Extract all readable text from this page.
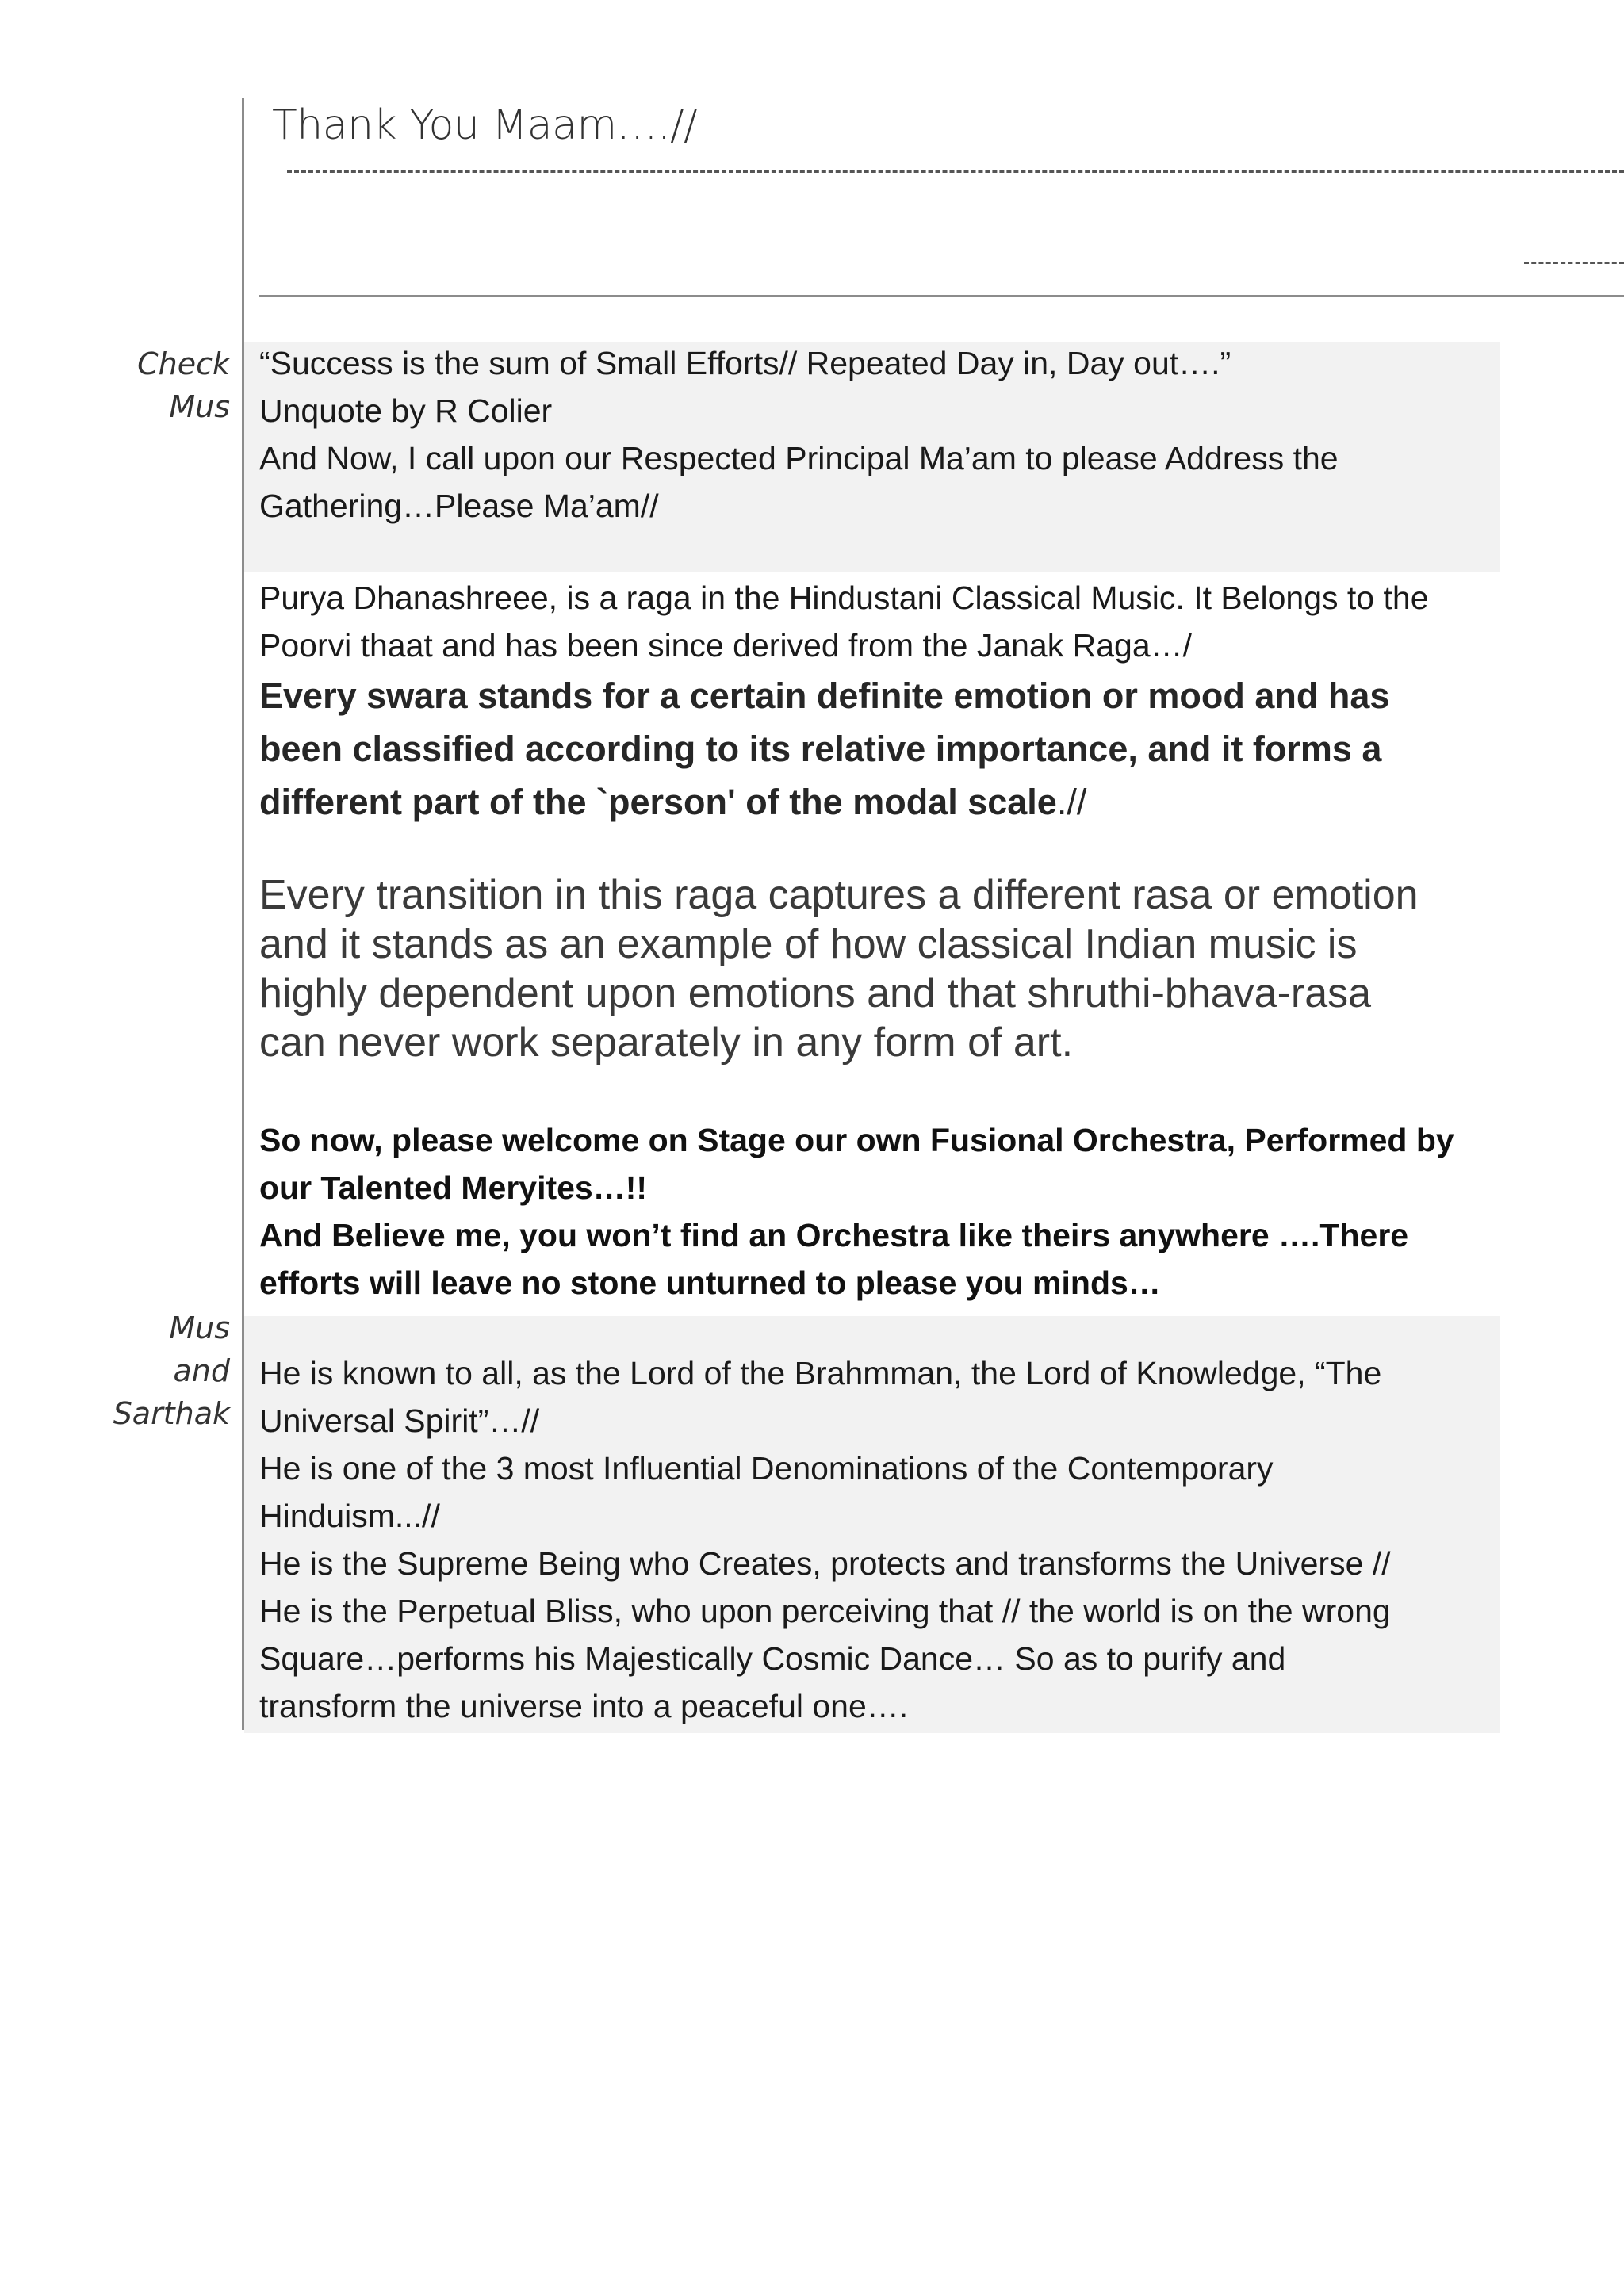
Thank You Maam….//
Check
Mus
Mus
and
Sarthak

“Success is the sum of Small Efforts// Repeated Day in, Day out….”
Unquote by R Colier
And Now, I call upon our Respected Principal Ma’am to please Address the
Gathering…Please Ma’am//

Purya Dhanashreee, is a raga in the Hindustani Classical Music. It Belongs to the
Poorvi thaat and has been since derived from the Janak Raga…/

Every swara stands for a certain definite emotion or mood and has
been classified according to its relative importance, and it forms a
different part of the `person' of the modal scale.//

Every transition in this raga captures a different rasa or emotion
and it stands as an example of how classical Indian music is
highly dependent upon emotions and that shruthi-bhava-rasa
can never work separately in any form of art.

So now, please welcome on Stage our own Fusional Orchestra, Performed by
our Talented Meryites…!!
And Believe me, you won’t find an Orchestra like theirs anywhere ….There
efforts will leave no stone unturned to please you minds…

He is known to all, as the Lord of the Brahmman, the Lord of Knowledge, “The
Universal Spirit”…//
He is one of the 3 most Influential Denominations of the Contemporary
Hinduism...//
He is the Supreme Being who Creates, protects and transforms the Universe //
He is the Perpetual Bliss, who upon perceiving that // the world is on the wrong
Square…performs his Majestically Cosmic Dance… So as to purify and
transform the universe into a peaceful one….
